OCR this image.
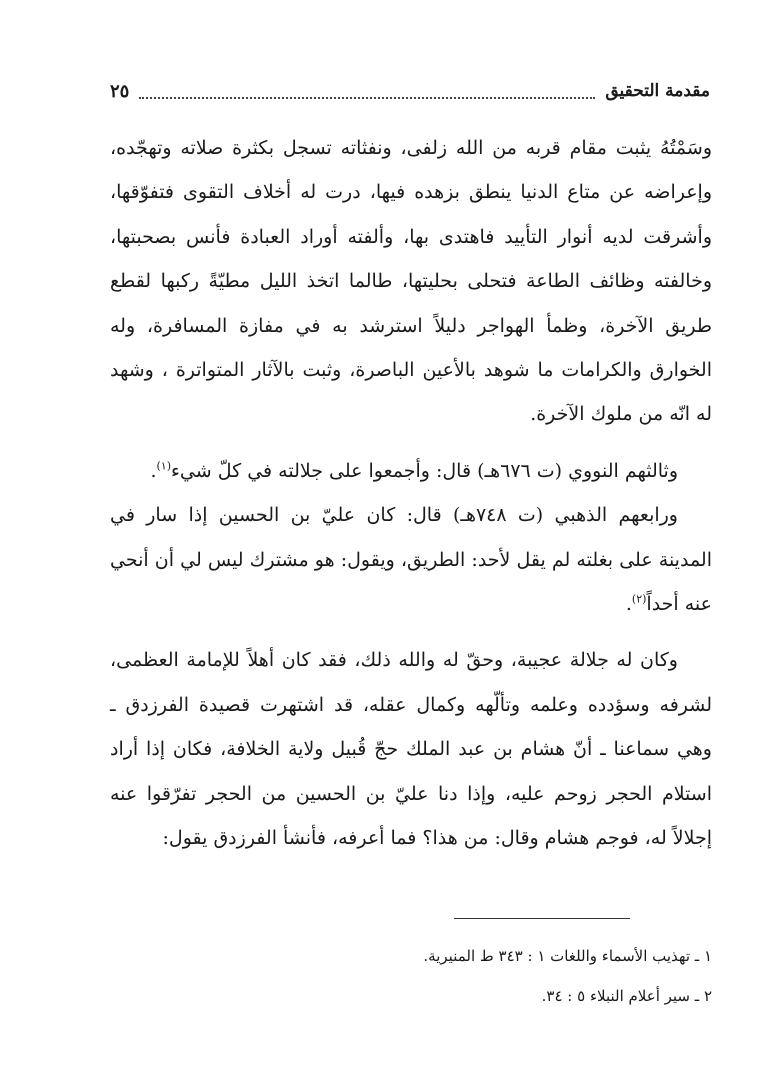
مقدمة التحقيق
٢٥

وسَمْتُهُ يثبت مقام قربه من الله زلفى، ونفثاته تسجل بكثرة صلاته وتهجّده، وإعراضه عن متاع الدنيا ينطق بزهده فيها، درت له أخلاف التقوى فتفوّقها، وأشرقت لديه أنوار التأييد فاهتدى بها، وألفته أوراد العبادة فأنس بصحبتها، وخالفته وظائف الطاعة فتحلى بحليتها، طالما اتخذ الليل مطيّةً ركبها لقطع طريق الآخرة، وظمأ الهواجر دليلاً استرشد به في مفازة المسافرة، وله الخوارق والكرامات ما شوهد بالأعين الباصرة، وثبت بالآثار المتواترة ، وشهد له انّه من ملوك الآخرة.

وثالثهم النووي (ت ٦٧٦هـ) قال: وأجمعوا على جلالته في كلّ شيء$^{(١)}$.

ورابعهم الذهبي (ت ٧٤٨هـ) قال: كان عليّ بن الحسين إذا سار في المدينة على بغلته لم يقل لأحد: الطريق، ويقول: هو مشترك ليس لي أن أنحي عنه أحداً$^{(٢)}$.

وكان له جلالة عجيبة، وحقّ له والله ذلك، فقد كان أهلاً للإمامة العظمى، لشرفه وسؤدده وعلمه وتألّهه وكمال عقله، قد اشتهرت قصيدة الفرزدق ـ وهي سماعنا ـ أنّ هشام بن عبد الملك حجّ قُبيل ولاية الخلافة، فكان إذا أراد استلام الحجر زوحم عليه، وإذا دنا عليّ بن الحسين من الحجر تفرّقوا عنه إجلالاً له، فوجم هشام وقال: من هذا؟ فما أعرفه، فأنشأ الفرزدق يقول:

١ ـ تهذيب الأسماء واللغات ١ : ٣٤٣ ط المنيرية.

٢ ـ سير أعلام النبلاء ٥ : ٣٤.
